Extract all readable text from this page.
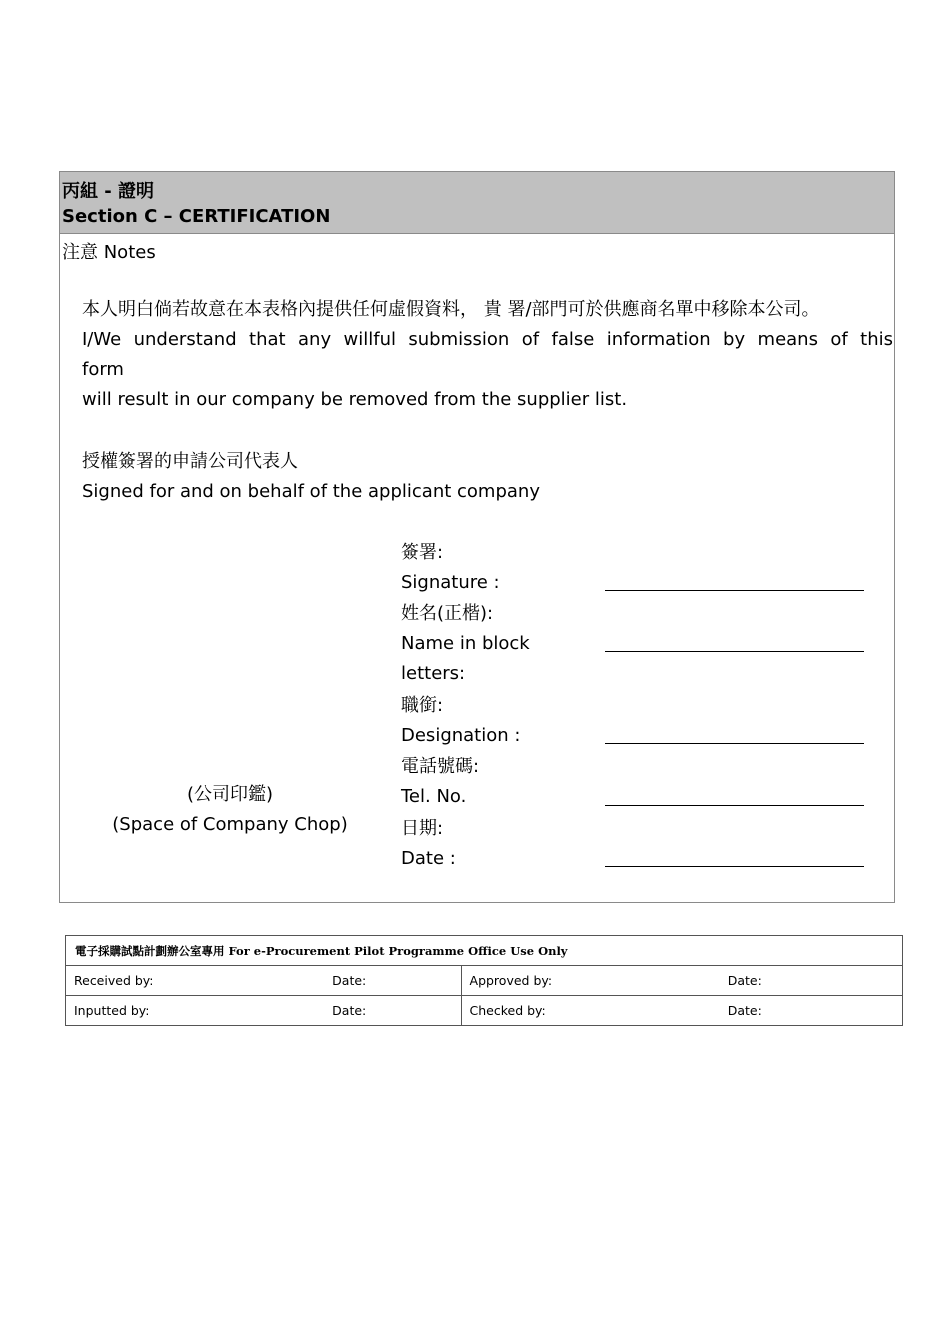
丙組 - 證明
Section C – CERTIFICATION
注意 Notes
本人明白倘若故意在本表格內提供任何虛假資料， 貴 署/部門可於供應商名單中移除本公司。
I/We understand that any willful submission of false information by means of this
form
will result in our company be removed from the supplier list.
授權簽署的申請公司代表人
Signed for and on behalf of the applicant company
簽署:
Signature :
姓名(正楷):
Name in block
letters:
職銜:
Designation :
電話號碼:
Tel. No.
日期:
Date :
(公司印鑑)
(Space of Company Chop)
電子採購試點計劃辦公室專用 For e-Procurement Pilot Programme Office Use Only			
Received by:	Date:	Approved by:	Date:
Inputted by:	Date:	Checked by:	Date:
